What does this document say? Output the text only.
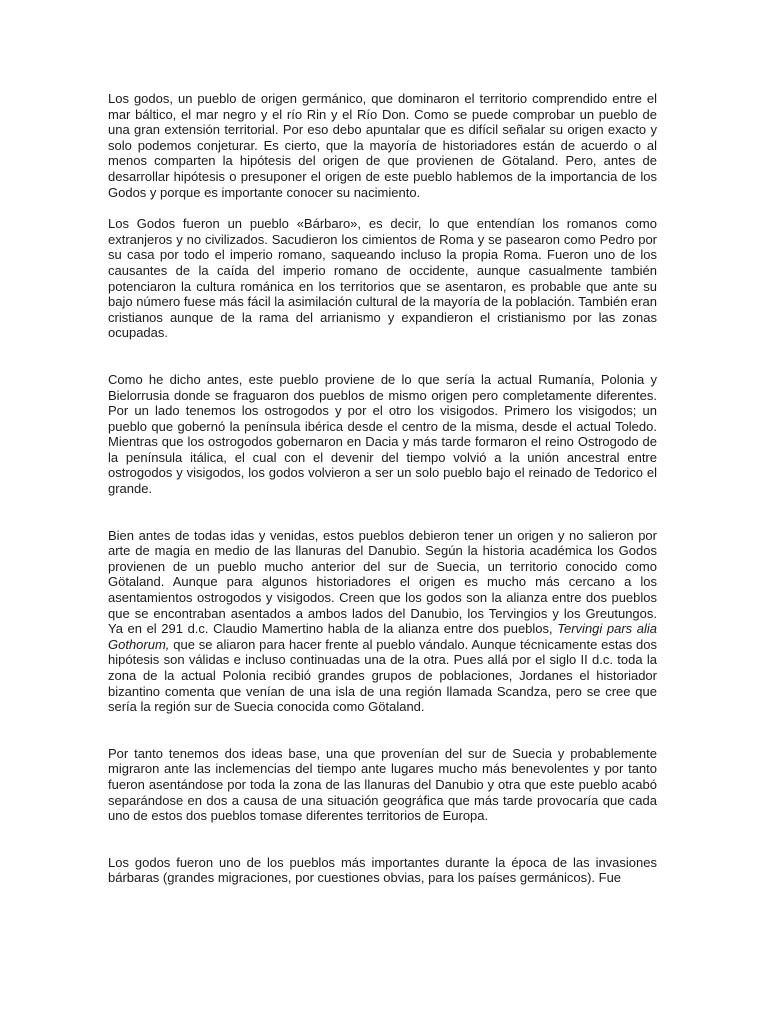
Los godos, un pueblo de origen germánico, que dominaron el territorio comprendido entre el mar báltico, el mar negro y el río Rin y el Río Don. Como se puede comprobar un pueblo de una gran extensión territorial. Por eso debo apuntalar que es difícil señalar su origen exacto y solo podemos conjeturar. Es cierto, que la mayoría de historiadores están de acuerdo o al menos comparten la hipótesis del origen de que provienen de Götaland. Pero, antes de desarrollar hipótesis o presuponer el origen de este pueblo hablemos de la importancia de los Godos y porque es importante conocer su nacimiento.

Los Godos fueron un pueblo «Bárbaro», es decir, lo que entendían los romanos como extranjeros y no civilizados. Sacudieron los cimientos de Roma y se pasearon como Pedro por su casa por todo el imperio romano, saqueando incluso la propia Roma. Fueron uno de los causantes de la caída del imperio romano de occidente, aunque casualmente también potenciaron la cultura románica en los territorios que se asentaron, es probable que ante su bajo número fuese más fácil la asimilación cultural de la mayoría de la población. También eran cristianos aunque de la rama del arrianismo y expandieron el cristianismo por las zonas ocupadas.

Como he dicho antes, este pueblo proviene de lo que sería la actual Rumanía, Polonia y Bielorrusia donde se fraguaron dos pueblos de mismo origen pero completamente diferentes. Por un lado tenemos los ostrogodos y por el otro los visigodos. Primero los visigodos; un pueblo que gobernó la península ibérica desde el centro de la misma, desde el actual Toledo. Mientras que los ostrogodos gobernaron en Dacia y más tarde formaron el reino Ostrogodo de la península itálica, el cual con el devenir del tiempo volvió a la unión ancestral entre ostrogodos y visigodos, los godos volvieron a ser un solo pueblo bajo el reinado de Tedorico el grande.

Bien antes de todas idas y venidas, estos pueblos debieron tener un origen y no salieron por arte de magia en medio de las llanuras del Danubio. Según la historia académica los Godos provienen de un pueblo mucho anterior del sur de Suecia, un territorio conocido como Götaland. Aunque para algunos historiadores el origen es mucho más cercano a los asentamientos ostrogodos y visigodos. Creen que los godos son la alianza entre dos pueblos que se encontraban asentados a ambos lados del Danubio, los Tervingios y los Greutungos. Ya en el 291 d.c. Claudio Mamertino habla de la alianza entre dos pueblos, Tervingi pars alia Gothorum, que se aliaron para hacer frente al pueblo vándalo. Aunque técnicamente estas dos hipótesis son válidas e incluso continuadas una de la otra. Pues allá por el siglo II d.c. toda la zona de la actual Polonia recibió grandes grupos de poblaciones, Jordanes el historiador bizantino comenta que venían de una isla de una región llamada Scandza, pero se cree que sería la región sur de Suecia conocida como Götaland.

Por tanto tenemos dos ideas base, una que provenían del sur de Suecia y probablemente migraron ante las inclemencias del tiempo ante lugares mucho más benevolentes y por tanto fueron asentándose por toda la zona de las llanuras del Danubio y otra que este pueblo acabó separándose en dos a causa de una situación geográfica que más tarde provocaría que cada uno de estos dos pueblos tomase diferentes territorios de Europa.

Los godos fueron uno de los pueblos más importantes durante la época de las invasiones bárbaras (grandes migraciones, por cuestiones obvias, para los países germánicos). Fue
